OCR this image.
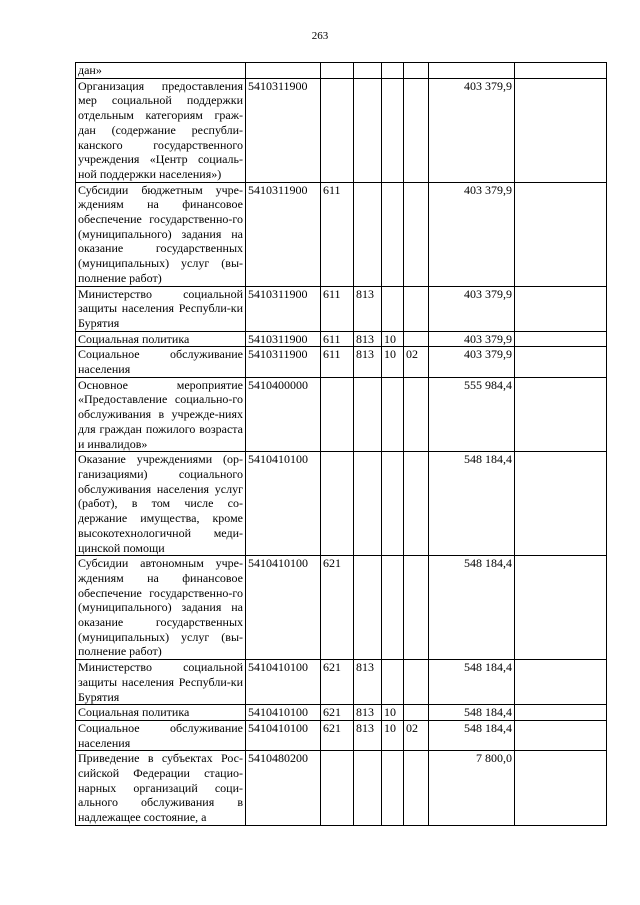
263
дан»							
Организация предоставления мер социальной поддержки отдельным категориям граж-дан (содержание республи-канского государственного учреждения «Центр социаль-ной поддержки населения»)	5410311900					403 379,9	
Субсидии бюджетным учре-ждениям на финансовое обеспечение государственно-го (муниципального) задания на оказание государственных (муниципальных) услуг (вы-полнение работ)	5410311900	611				403 379,9	
Министерство социальной защиты населения Республи-ки Бурятия	5410311900	611	813			403 379,9	
Социальная политика	5410311900	611	813	10		403 379,9	
Социальное обслуживание населения	5410311900	611	813	10	02	403 379,9	
Основное мероприятие «Предоставление социально-го обслуживания в учрежде-ниях для граждан пожилого возраста и инвалидов»	5410400000					555 984,4	
Оказание учреждениями (ор-ганизациями) социального обслуживания населения услуг (работ), в том числе со-держание имущества, кроме высокотехнологичной меди-цинской помощи	5410410100					548 184,4	
Субсидии автономным учре-ждениям на финансовое обеспечение государственно-го (муниципального) задания на оказание государственных (муниципальных) услуг (вы-полнение работ)	5410410100	621				548 184,4	
Министерство социальной защиты населения Республи-ки Бурятия	5410410100	621	813			548 184,4	
Социальная политика	5410410100	621	813	10		548 184,4	
Социальное обслуживание населения	5410410100	621	813	10	02	548 184,4	
Приведение в субъектах Рос-сийской Федерации стацио-нарных организаций соци-ального обслуживания в надлежащее состояние, а	5410480200					7 800,0	
